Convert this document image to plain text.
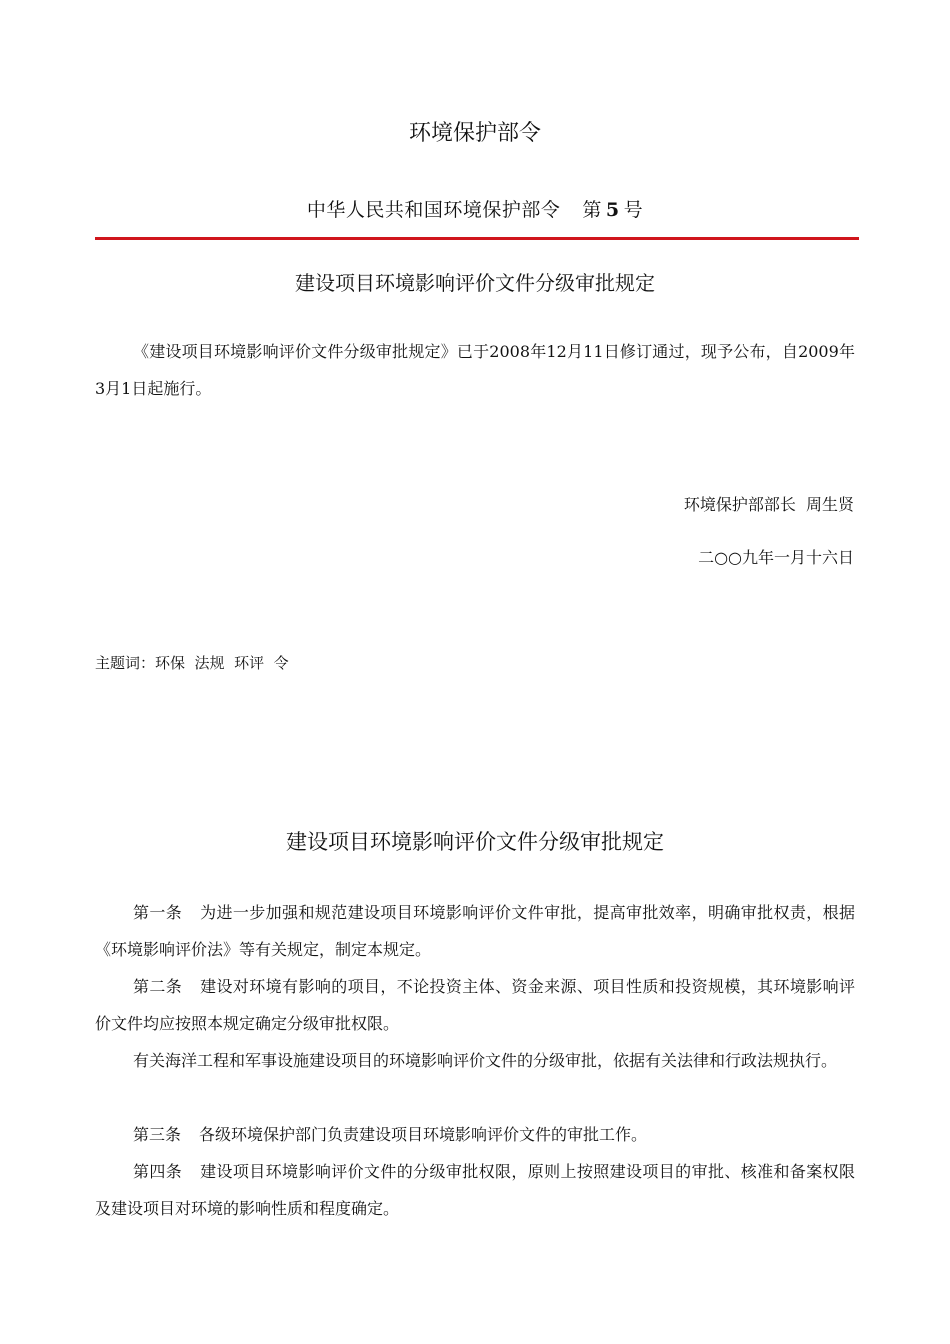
环境保护部令
中华人民共和国环境保护部令 第 5 号
建设项目环境影响评价文件分级审批规定

《建设项目环境影响评价文件分级审批规定》已于2008年12月11日修订通过，现予公布，自2009年3月1日起施行。

环境保护部部长  周生贤
二○○九年一月十六日
主题词：环保  法规  环评  令
建设项目环境影响评价文件分级审批规定

第一条 为进一步加强和规范建设项目环境影响评价文件审批，提高审批效率，明确审批权责，根据《环境影响评价法》等有关规定，制定本规定。

第二条 建设对环境有影响的项目，不论投资主体、资金来源、项目性质和投资规模，其环境影响评价文件均应按照本规定确定分级审批权限。

有关海洋工程和军事设施建设项目的环境影响评价文件的分级审批，依据有关法律和行政法规执行。

第三条 各级环境保护部门负责建设项目环境影响评价文件的审批工作。

第四条 建设项目环境影响评价文件的分级审批权限，原则上按照建设项目的审批、核准和备案权限及建设项目对环境的影响性质和程度确定。
